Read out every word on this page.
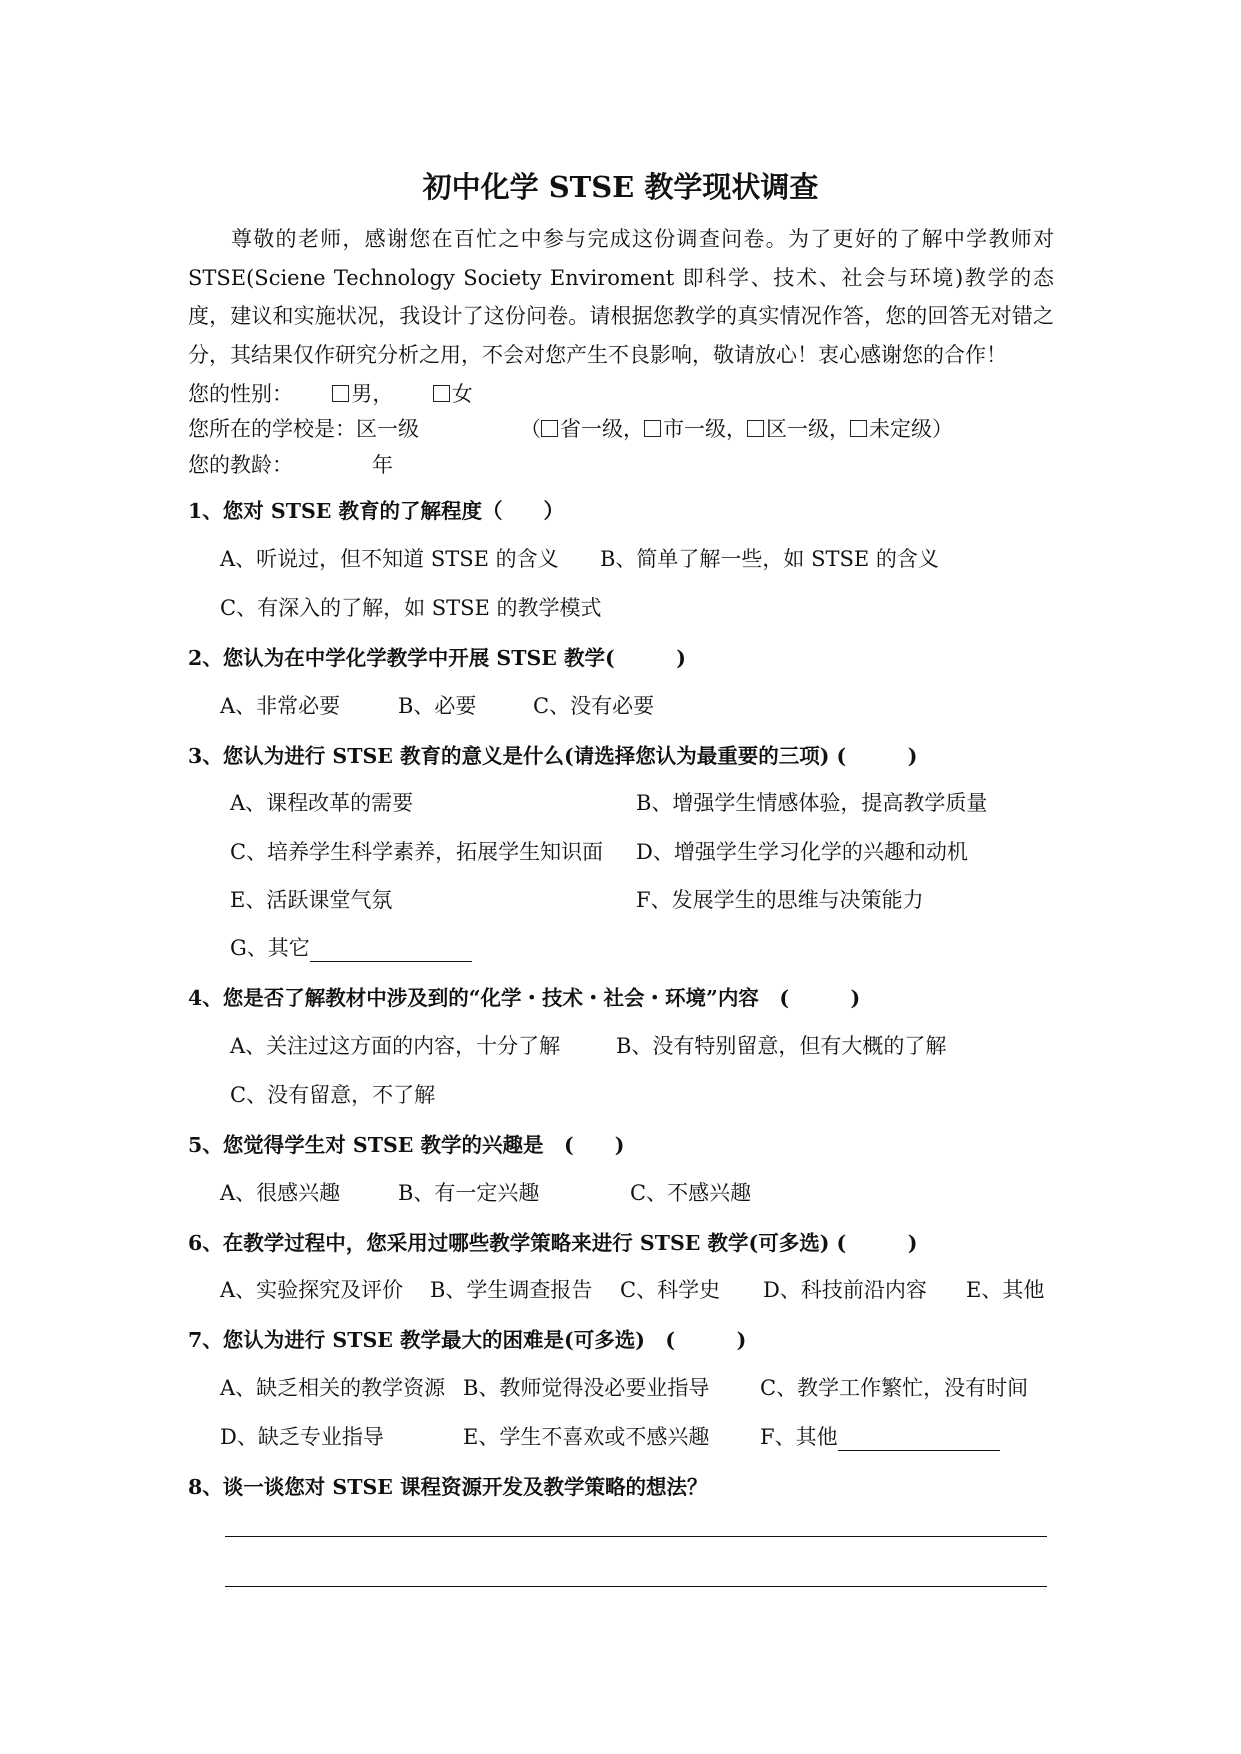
初中化学 STSE 教学现状调查
尊敬的老师，感谢您在百忙之中参与完成这份调查问卷。为了更好的了解中学教师对STSE(Sciene Technology Society Enviroment 即科学、技术、社会与环境)教学的态度，建议和实施状况，我设计了这份问卷。请根据您教学的真实情况作答，您的回答无对错之分，其结果仅作研究分析之用，不会对您产生不良影响，敬请放心！衷心感谢您的合作！
您的性别：	男，	女
您所在的学校是：区一级	（ 省一级， 市一级， 区一级， 未定级）
您的教龄：	年
1、您对 STSE 教育的了解程度（　　）
A、听说过，但不知道 STSE 的含义 B、简单了解一些，如 STSE 的含义
C、有深入的了解，如 STSE 的教学模式
2、您认为在中学化学教学中开展 STSE 教学(　　　)
A、非常必要	B、必要	C、没有必要
3、您认为进行 STSE 教育的意义是什么(请选择您认为最重要的三项) (　　　)
A、课程改革的需要	B、增强学生情感体验，提高教学质量
C、培养学生科学素养，拓展学生知识面 D、增强学生学习化学的兴趣和动机
E、活跃课堂气氛	F、发展学生的思维与决策能力
G、其它
4、您是否了解教材中涉及到的“化学・技术・社会・环境”内容　(　　　)
A、关注过这方面的内容，十分了解	B、没有特别留意，但有大概的了解
C、没有留意，不了解
5、您觉得学生对 STSE 教学的兴趣是　(　　)
A、很感兴趣	B、有一定兴趣	C、不感兴趣
6、在教学过程中，您采用过哪些教学策略来进行 STSE 教学(可多选) (　　　)
A、实验探究及评价 B、学生调查报告 C、科学史 D、科技前沿内容 E、其他
7、您认为进行 STSE 教学最大的困难是(可多选)　(　　　)
A、缺乏相关的教学资源 B、教师觉得没必要业指导 C、教学工作繁忙，没有时间
D、缺乏专业指导	E、学生不喜欢或不感兴趣 F、其他
8、谈一谈您对 STSE 课程资源开发及教学策略的想法？
